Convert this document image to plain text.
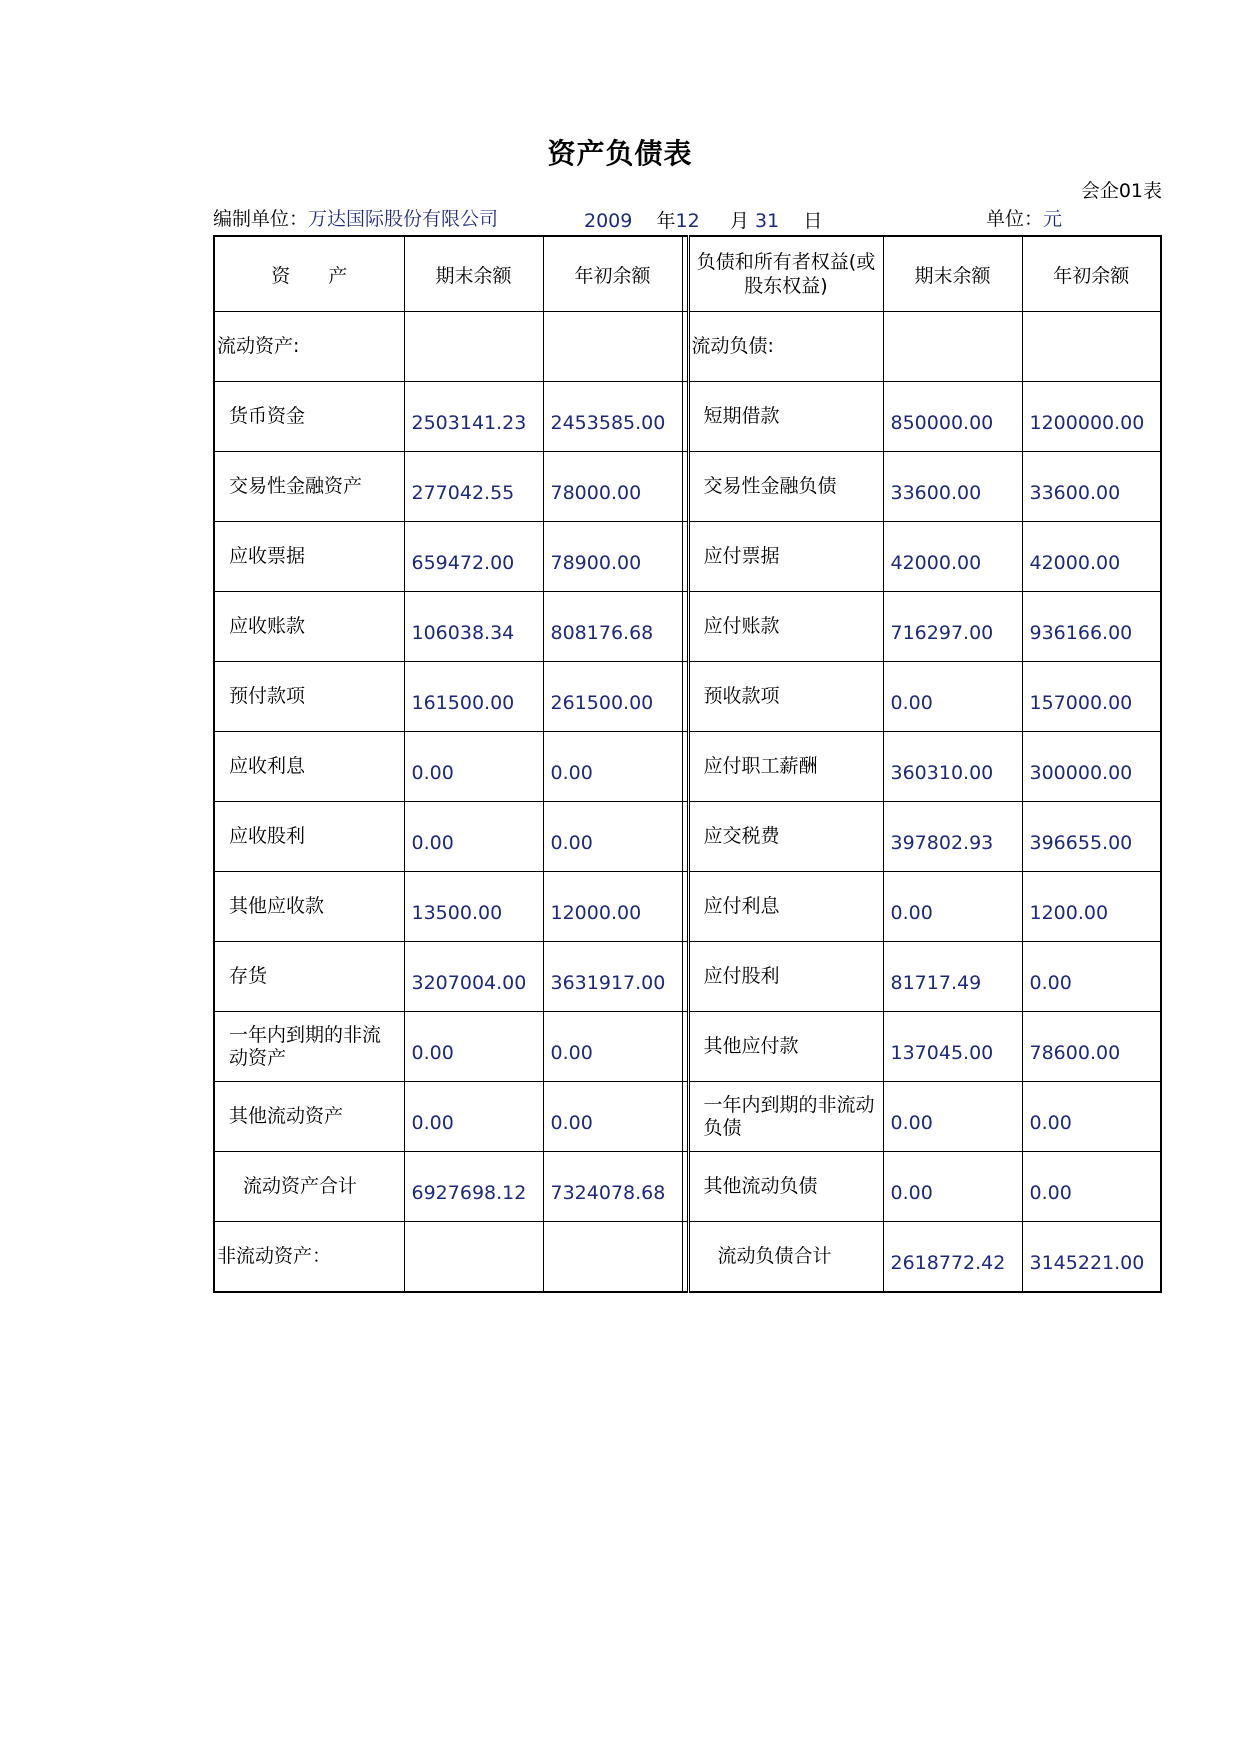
资产负债表
会企01表
编制单位：万达国际股份有限公司	2009 年12 月 31 日	单位：元
资　　产	期末余额	年初余额		负债和所有者权益(或股东权益)	期末余额	年初余额
流动资产:				流动负债:		
货币资金	2503141.23	2453585.00		短期借款	850000.00	1200000.00
交易性金融资产	277042.55	78000.00		交易性金融负债	33600.00	33600.00
应收票据	659472.00	78900.00		应付票据	42000.00	42000.00
应收账款	106038.34	808176.68		应付账款	716297.00	936166.00
预付款项	161500.00	261500.00		预收款项	0.00	157000.00
应收利息	0.00	0.00		应付职工薪酬	360310.00	300000.00
应收股利	0.00	0.00		应交税费	397802.93	396655.00
其他应收款	13500.00	12000.00		应付利息	0.00	1200.00
存货	3207004.00	3631917.00		应付股利	81717.49	0.00
一年内到期的非流动资产	0.00	0.00		其他应付款	137045.00	78600.00
其他流动资产	0.00	0.00		一年内到期的非流动负债	0.00	0.00
流动资产合计	6927698.12	7324078.68		其他流动负债	0.00	0.00
非流动资产：				流动负债合计	2618772.42	3145221.00
